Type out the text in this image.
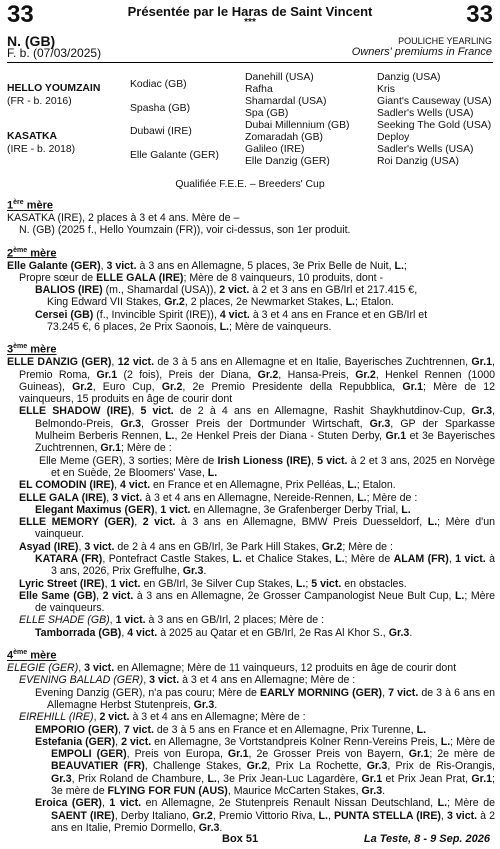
33	33
Présentée par le Haras de Saint Vincent
***
N. (GB)
F. b. (07/03/2025)
POULICHE YEARLING
Owners' premiums in France
HELLO YOUMZAIN
(FR - b. 2016)
KASATKA
(IRE - b. 2018)
Kodiac (GB)
Spasha (GB)
Dubawi (IRE)
Elle Galante (GER)
Danehill (USA)
Rafha
Shamardal (USA)
Spa (GB)
Dubai Millennium (GB)
Zomaradah (GB)
Galileo (IRE)
Elle Danzig (GER)
Danzig (USA)
Kris
Giant's Causeway (USA)
Sadler's Wells (USA)
Seeking The Gold (USA)
Deploy
Sadler's Wells (USA)
Roi Danzig (USA)
Qualifiée F.E.E. – Breeders' Cup

1ère mère

KASATKA (IRE), 2 places à 3 et 4 ans. Mère de –

N. (GB) (2025 f., Hello Youmzain (FR)), voir ci-dessus, son 1er produit.

2ème mère

Elle Galante (GER), 3 vict. à 3 ans en Allemagne, 5 places, 3e Prix Belle de Nuit, L.;

Propre sœur de ELLE GALA (IRE); Mère de 8 vainqueurs, 10 produits, dont -

BALIOS (IRE) (m., Shamardal (USA)), 2 vict. à 2 et 3 ans en GB/Irl et 217.415 €,

King Edward VII Stakes, Gr.2, 2 places, 2e Newmarket Stakes, L.; Etalon.

Cersei (GB) (f., Invincible Spirit (IRE)), 4 vict. à 3 et 4 ans en France et en GB/Irl et

73.245 €, 6 places, 2e Prix Saonois, L.; Mère de vainqueurs.

3ème mère

ELLE DANZIG (GER), 12 vict. de 3 à 5 ans en Allemagne et en Italie, Bayerisches Zuchtrennen, Gr.1, Premio Roma, Gr.1 (2 fois), Preis der Diana, Gr.2, Hansa-Preis, Gr.2, Henkel Rennen (1000 Guineas), Gr.2, Euro Cup, Gr.2, 2e Premio Presidente della Repubblica, Gr.1; Mère de 12 vainqueurs, 15 produits en âge de courir dont

ELLE SHADOW (IRE), 5 vict. de 2 à 4 ans en Allemagne, Rashit Shaykhutdinov-Cup, Gr.3, Belmondo-Preis, Gr.3, Grosser Preis der Dortmunder Wirtschaft, Gr.3, GP der Sparkasse Mulheim Berberis Rennen, L., 2e Henkel Preis der Diana - Stuten Derby, Gr.1 et 3e Bayerisches Zuchtrennen, Gr.1; Mère de :

Elle Meme (GER), 3 sorties; Mère de Irish Lioness (IRE), 5 vict. à 2 et 3 ans, 2025 en Norvège et en Suède, 2e Bloomers' Vase, L.

EL COMODIN (IRE), 4 vict. en France et en Allemagne, Prix Pelléas, L.; Etalon.

ELLE GALA (IRE), 3 vict. à 3 et 4 ans en Allemagne, Nereide-Rennen, L.; Mère de :

Elegant Maximus (GER), 1 vict. en Allemagne, 3e Grafenberger Derby Trial, L.

ELLE MEMORY (GER), 2 vict. à 3 ans en Allemagne, BMW Preis Duesseldorf, L.; Mère d'un vainqueur.

Asyad (IRE), 3 vict. de 2 à 4 ans en GB/Irl, 3e Park Hill Stakes, Gr.2; Mère de :

KATARA (FR), Pontefract Castle Stakes, L. et Chalice Stakes, L.; Mère de ALAM (FR), 1 vict. à 3 ans, 2026, Prix Greffulhe, Gr.3.

Lyric Street (IRE), 1 vict. en GB/Irl, 3e Silver Cup Stakes, L.; 5 vict. en obstacles.

Elle Same (GB), 2 vict. à 3 ans en Allemagne, 2e Grosser Campanologist Neue Bult Cup, L.; Mère de vainqueurs.

ELLE SHADE (GB), 1 vict. à 3 ans en GB/Irl, 2 places; Mère de :

Tamborrada (GB), 4 vict. à 2025 au Qatar et en GB/Irl, 2e Ras Al Khor S., Gr.3.

4ème mère

ELEGIE (GER), 3 vict. en Allemagne; Mère de 11 vainqueurs, 12 produits en âge de courir dont

EVENING BALLAD (GER), 3 vict. à 3 et 4 ans en Allemagne; Mère de :

Evening Danzig (GER), n'a pas couru; Mère de EARLY MORNING (GER), 7 vict. de 3 à 6 ans en Allemagne Herbst Stutenpreis, Gr.3.

EIREHILL (IRE), 2 vict. à 3 et 4 ans en Allemagne; Mère de :

EMPORIO (GER), 7 vict. de 3 à 5 ans en France et en Allemagne, Prix Turenne, L.

Estefania (GER), 2 vict. en Allemagne, 3e Vortstandpreis Kolner Renn-Vereins Preis, L.; Mère de EMPOLI (GER), Preis von Europa, Gr.1, 2e Grosser Preis von Bayern, Gr.1; 2e mère de BEAUVATIER (FR), Challenge Stakes, Gr.2, Prix La Rochette, Gr.3, Prix de Ris-Orangis, Gr.3, Prix Roland de Chambure, L., 3e Prix Jean-Luc Lagardère, Gr.1 et Prix Jean Prat, Gr.1; 3e mère de FLYING FOR FUN (AUS), Maurice McCarten Stakes, Gr.3.

Eroica (GER), 1 vict. en Allemagne, 2e Stutenpreis Renault Nissan Deutschland, L.; Mère de SAENT (IRE), Derby Italiano, Gr.2, Premio Vittorio Riva, L., PUNTA STELLA (IRE), 3 vict. à 2 ans en Italie, Premio Dormello, Gr.3.

Box 51	La Teste, 8 - 9 Sep. 2026
